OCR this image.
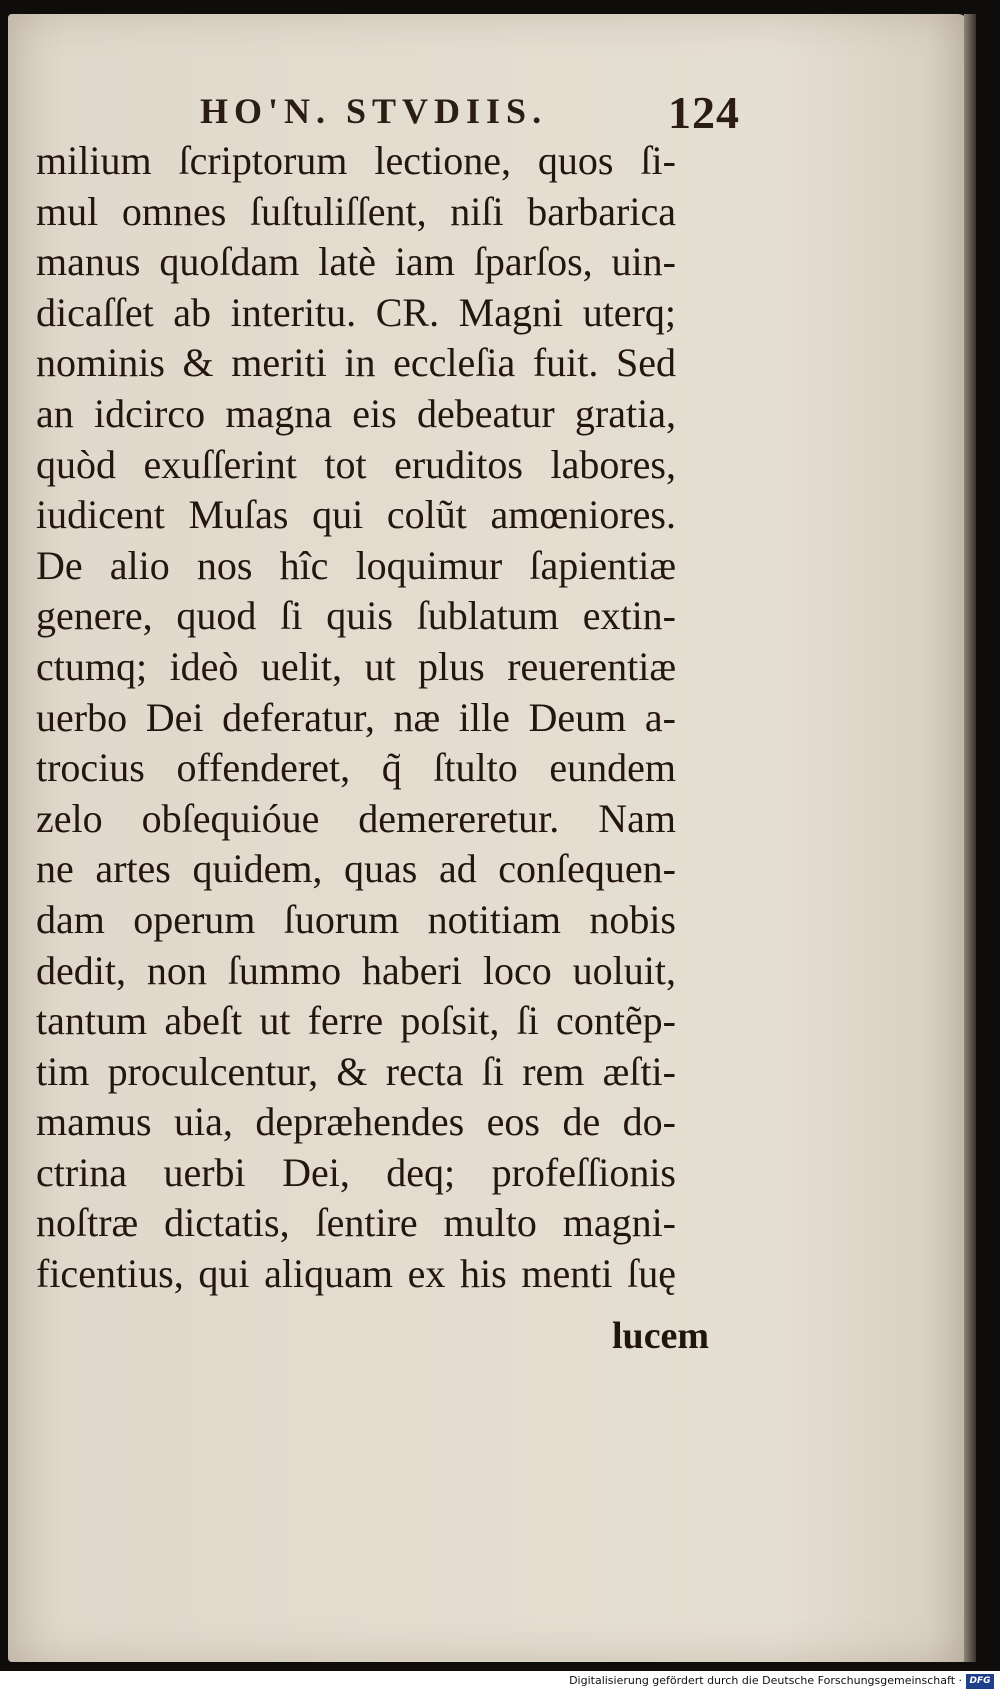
HO'N. STVDIIS.	124
milium ſcriptorum lectione, quos ſi-
mul omnes ſuſtuliſſent, niſi barbarica
manus quoſdam latè iam ſparſos, uin-
dicaſſet ab interitu. CR. Magni uterq;
nominis & meriti in eccleſia fuit. Sed
an idcirco magna eis debeatur gratia,
quòd exuſſerint tot eruditos labores,
iudicent Muſas qui colũt amœniores.
De alio nos hîc loquimur ſapientiæ
genere, quod ſi quis ſublatum extin-
ctumq; ideò uelit, ut plus reuerentiæ
uerbo Dei deferatur, næ ille Deum a-
trocius offenderet, q̃ ſtulto eundem
zelo obſequióue demereretur. Nam
ne artes quidem, quas ad conſequen-
dam operum ſuorum notitiam nobis
dedit, non ſummo haberi loco uoluit,
tantum abeſt ut ferre poſsit, ſi contẽp-
tim proculcentur, & recta ſi rem æſti-
mamus uia, depræhendes eos de do-
ctrina uerbi Dei, deq; profeſſionis
noſtræ dictatis, ſentire multo magni-
ficentius, qui aliquam ex his menti ſuę
lucem
Digitalisierung gefördert durch die Deutsche Forschungsgemeinschaft · DFG
